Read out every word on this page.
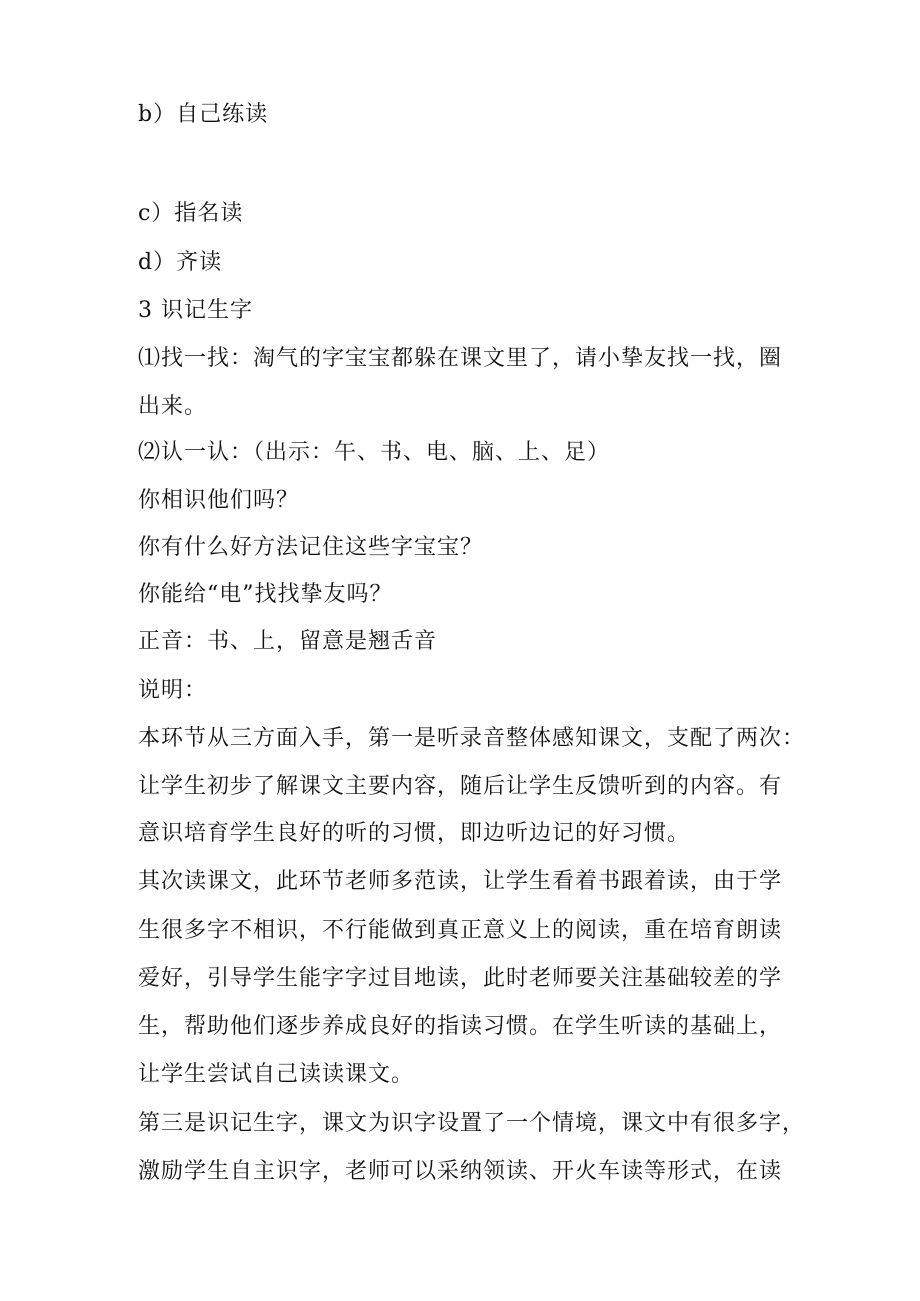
b）自己练读
c）指名读
d）齐读
3 识记生字
⑴找一找：淘气的字宝宝都躲在课文里了，请小挚友找一找，圈
出来。
⑵认一认：（出示：午、书、电、脑、上、足）
你相识他们吗？
你有什么好方法记住这些字宝宝？
你能给“电”找找挚友吗？
正音：书、上，留意是翘舌音
说明：
本环节从三方面入手，第一是听录音整体感知课文，支配了两次：
让学生初步了解课文主要内容，随后让学生反馈听到的内容。有
意识培育学生良好的听的习惯，即边听边记的好习惯。
其次读课文，此环节老师多范读，让学生看着书跟着读，由于学
生很多字不相识，不行能做到真正意义上的阅读，重在培育朗读
爱好，引导学生能字字过目地读，此时老师要关注基础较差的学
生，帮助他们逐步养成良好的指读习惯。在学生听读的基础上，
让学生尝试自己读读课文。
第三是识记生字，课文为识字设置了一个情境，课文中有很多字，
激励学生自主识字，老师可以采纳领读、开火车读等形式，在读
